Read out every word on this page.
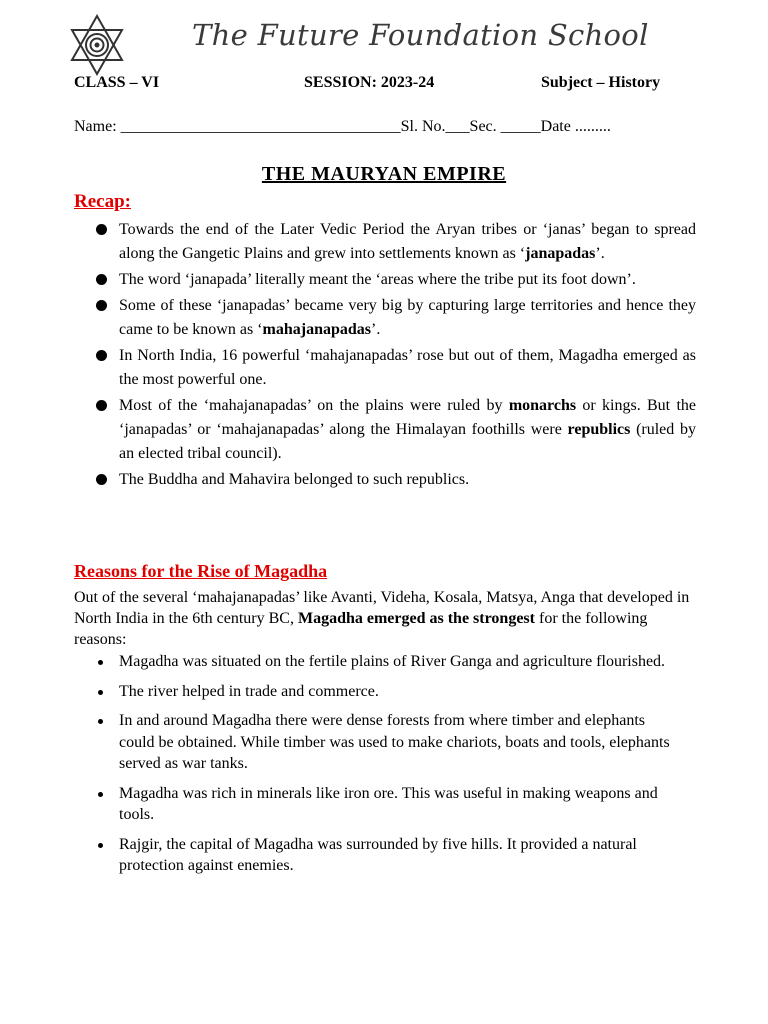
The Future Foundation School
CLASS – VI	SESSION: 2023-24	Subject – History
Name: ___________________________________Sl. No.___Sec. _____Date .........
THE MAURYAN EMPIRE
Recap:
Towards the end of the Later Vedic Period the Aryan tribes or ‘janas’ began to spread along the Gangetic Plains and grew into settlements known as ‘janapadas’.
The word ‘janapada’ literally meant the ‘areas where the tribe put its foot down’.
Some of these ‘janapadas’ became very big by capturing large territories and hence they came to be known as ‘mahajanapadas’.
In North India, 16 powerful ‘mahajanapadas’ rose but out of them, Magadha emerged as the most powerful one.
Most of the ‘mahajanapadas’ on the plains were ruled by monarchs or kings. But the ‘janapadas’ or ‘mahajanapadas’ along the Himalayan foothills were republics (ruled by an elected tribal council).
The Buddha and Mahavira belonged to such republics.
Reasons for the Rise of Magadha
Out of the several ‘mahajanapadas’ like Avanti, Videha, Kosala, Matsya, Anga that developed in North India in the 6th century BC, Magadha emerged as the strongest for the following reasons:
Magadha was situated on the fertile plains of River Ganga and agriculture flourished.
The river helped in trade and commerce.
In and around Magadha there were dense forests from where timber and elephants could be obtained. While timber was used to make chariots, boats and tools, elephants served as war tanks.
Magadha was rich in minerals like iron ore. This was useful in making weapons and tools.
Rajgir, the capital of Magadha was surrounded by five hills. It provided a natural protection against enemies.
